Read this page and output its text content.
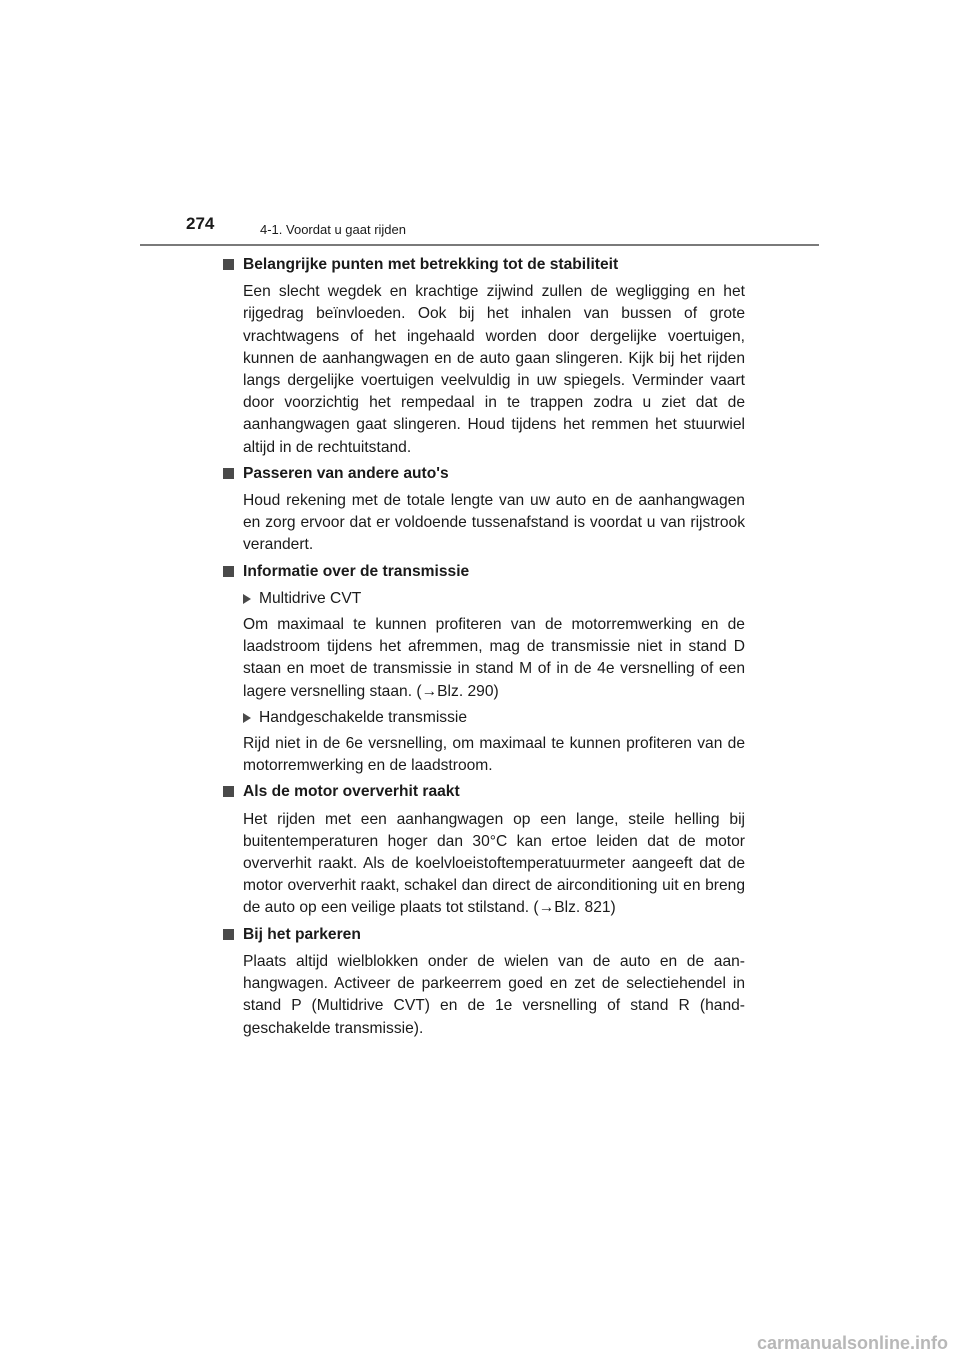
274	4-1. Voordat u gaat rijden
Belangrijke punten met betrekking tot de stabiliteit
Een slecht wegdek en krachtige zijwind zullen de wegligging en het rijgedrag beïnvloeden. Ook bij het inhalen van bussen of grote vrachtwagens of het ingehaald worden door dergelijke voertuigen, kunnen de aanhangwagen en de auto gaan slingeren. Kijk bij het rijden langs dergelijke voertuigen veelvuldig in uw spiegels. Verminder vaart door voorzichtig het rempedaal in te trappen zodra u ziet dat de aanhangwagen gaat slingeren. Houd tijdens het remmen het stuurwiel altijd in de rechtuitstand.
Passeren van andere auto's
Houd rekening met de totale lengte van uw auto en de aanhangwagen en zorg ervoor dat er voldoende tussenafstand is voordat u van rijstrook verandert.
Informatie over de transmissie
Multidrive CVT
Om maximaal te kunnen profiteren van de motorremwerking en de laadstroom tijdens het afremmen, mag de transmissie niet in stand D staan en moet de transmissie in stand M of in de 4e versnelling of een lagere versnelling staan. (→Blz. 290)
Handgeschakelde transmissie
Rijd niet in de 6e versnelling, om maximaal te kunnen profiteren van de motorremwerking en de laadstroom.
Als de motor oververhit raakt
Het rijden met een aanhangwagen op een lange, steile helling bij buitentemperaturen hoger dan 30°C kan ertoe leiden dat de motor oververhit raakt. Als de koelvloeistoftemperatuurmeter aangeeft dat de motor oververhit raakt, schakel dan direct de airconditioning uit en breng de auto op een veilige plaats tot stilstand. (→Blz. 821)
Bij het parkeren
Plaats altijd wielblokken onder de wielen van de auto en de aanhangwagen. Activeer de parkeerrem goed en zet de selectiehendel in stand P (Multidrive CVT) en de 1e versnelling of stand R (handgeschakelde transmissie).
carmanualsonline.info
